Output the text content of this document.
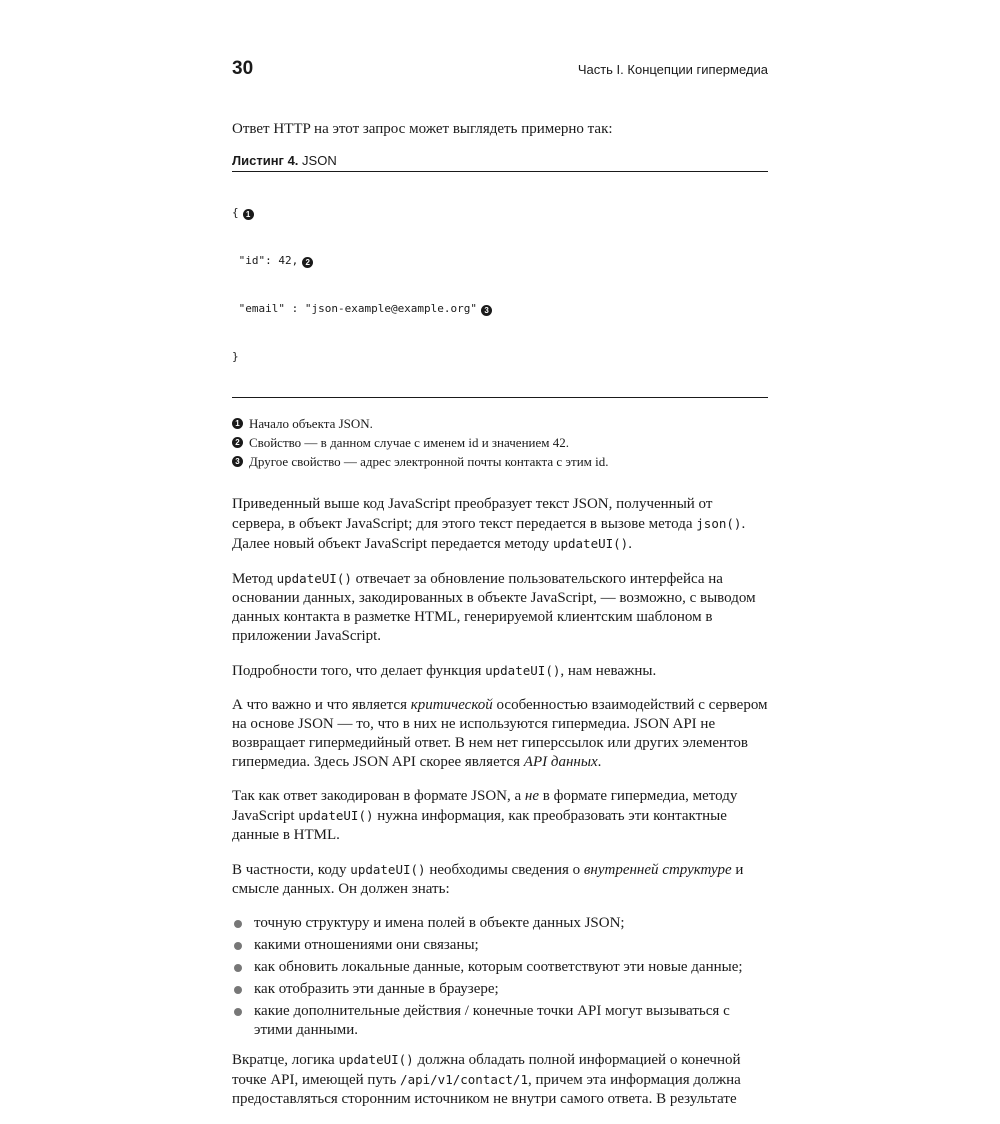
30	Часть I. Концепции гипермедиа
Ответ HTTP на этот запрос может выглядеть примерно так:
Листинг 4. JSON

{ 1

"id": 42, 2

"email" : "json-example@example.org" 3

}

1 Начало объекта JSON.
2 Свойство — в данном случае с именем id и значением 42.
3 Другое свойство — адрес электронной почты контакта с этим id.

Приведенный выше код JavaScript преобразует текст JSON, полученный от сервера, в объект JavaScript; для этого текст передается в вызове метода json(). Далее новый объект JavaScript передается методу updateUI().

Метод updateUI() отвечает за обновление пользовательского интерфейса на основании данных, закодированных в объекте JavaScript, — возможно, с выводом данных контакта в разметке HTML, генерируемой клиентским шаблоном в приложении JavaScript.

Подробности того, что делает функция updateUI(), нам неважны.

А что важно и что является критической особенностью взаимодействий с сервером на основе JSON — то, что в них не используются гипермедиа. JSON API не возвращает гипермедийный ответ. В нем нет гиперссылок или других элементов гипермедиа. Здесь JSON API скорее является API данных.

Так как ответ закодирован в формате JSON, а не в формате гипермедиа, методу JavaScript updateUI() нужна информация, как преобразовать эти контактные данные в HTML.

В частности, коду updateUI() необходимы сведения о внутренней структуре и смысле данных. Он должен знать:

точную структуру и имена полей в объекте данных JSON;
какими отношениями они связаны;
как обновить локальные данные, которым соответствуют эти новые данные;
как отобразить эти данные в браузере;
какие дополнительные действия / конечные точки API могут вызываться с этими данными.

Вкратце, логика updateUI() должна обладать полной информацией о конечной точке API, имеющей путь /api/v1/contact/1, причем эта информация должна предоставляться сторонним источником не внутри самого ответа. В результате
